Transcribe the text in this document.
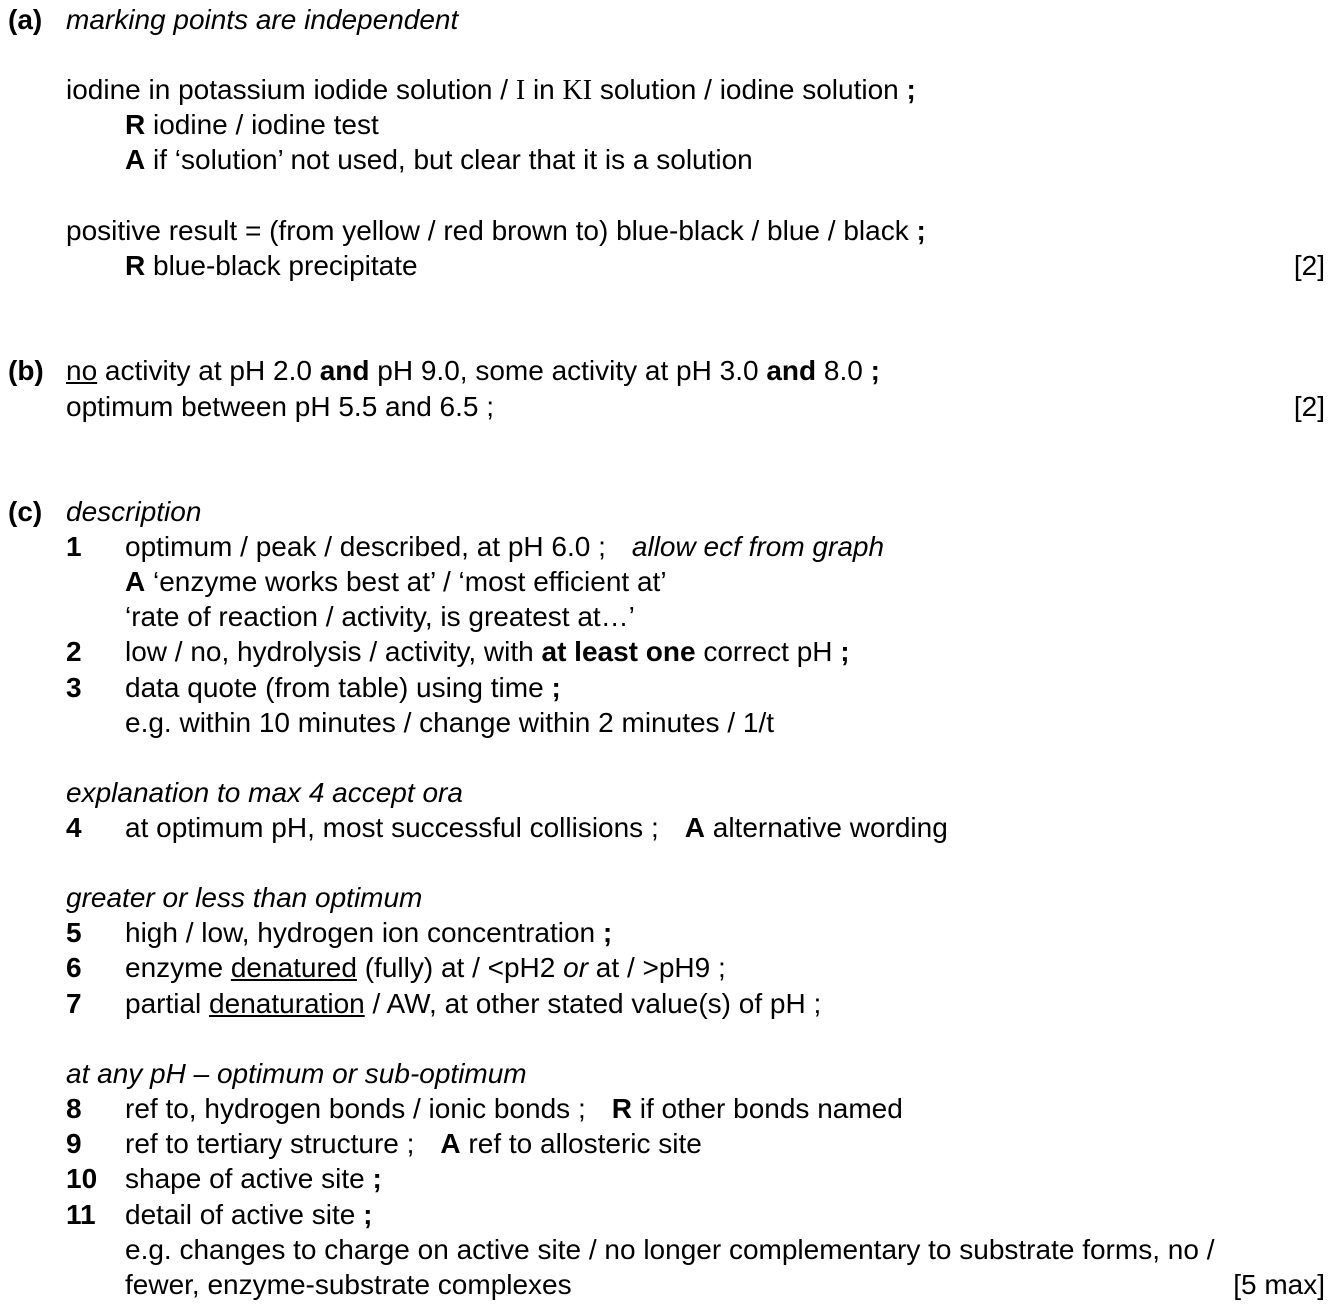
(a) marking points are independent
iodine in potassium iodide solution / I in KI solution / iodine solution ;
R iodine / iodine test
A if ‘solution’ not used, but clear that it is a solution
positive result = (from yellow / red brown to) blue-black / blue / black ;
R blue-black precipitate	[2]
(b) no activity at pH 2.0 and pH 9.0, some activity at pH 3.0 and 8.0 ;
optimum between pH 5.5 and 6.5 ;	[2]
(c) description
1 optimum / peak / described, at pH 6.0 ; allow ecf from graph
A ‘enzyme works best at’ / ‘most efficient at’
‘rate of reaction / activity, is greatest at…’
2 low / no, hydrolysis / activity, with at least one correct pH ;
3 data quote (from table) using time ;
e.g. within 10 minutes / change within 2 minutes / 1/t
explanation to max 4 accept ora
4 at optimum pH, most successful collisions ; A alternative wording
greater or less than optimum
5 high / low, hydrogen ion concentration ;
6 enzyme denatured (fully) at / <pH2 or at / >pH9 ;
7 partial denaturation / AW, at other stated value(s) of pH ;
at any pH – optimum or sub-optimum
8 ref to, hydrogen bonds / ionic bonds ; R if other bonds named
9 ref to tertiary structure ; A ref to allosteric site
10 shape of active site ;
11 detail of active site ;
e.g. changes to charge on active site / no longer complementary to substrate forms, no /
fewer, enzyme-substrate complexes	[5 max]
